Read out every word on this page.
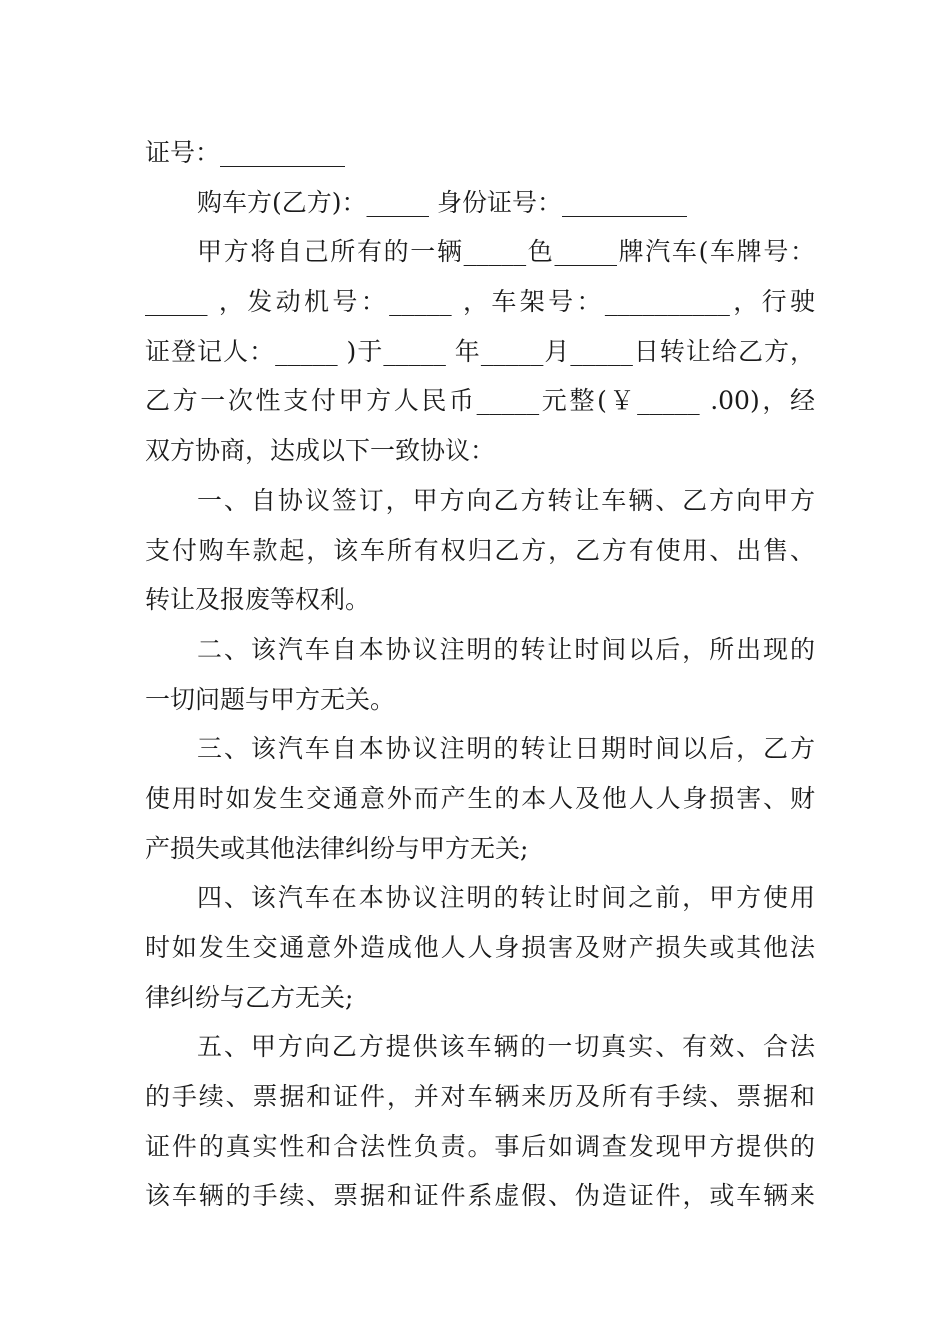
证号：__________
购车方(乙方)：_____ 身份证号：__________
甲方将自己所有的一辆_____色_____牌汽车(车牌号：
_____ ，发动机号：_____ ，车架号：__________，行驶
证登记人：_____ )于_____ 年_____月_____日转让给乙方，
乙方一次性支付甲方人民币_____元整(￥_____ .00)，经
双方协商，达成以下一致协议：
一、自协议签订，甲方向乙方转让车辆、乙方向甲方
支付购车款起，该车所有权归乙方，乙方有使用、出售、
转让及报废等权利。
二、该汽车自本协议注明的转让时间以后，所出现的
一切问题与甲方无关。
三、该汽车自本协议注明的转让日期时间以后，乙方
使用时如发生交通意外而产生的本人及他人人身损害、财
产损失或其他法律纠纷与甲方无关;
四、该汽车在本协议注明的转让时间之前，甲方使用
时如发生交通意外造成他人人身损害及财产损失或其他法
律纠纷与乙方无关;
五、甲方向乙方提供该车辆的一切真实、有效、合法
的手续、票据和证件，并对车辆来历及所有手续、票据和
证件的真实性和合法性负责。事后如调查发现甲方提供的
该车辆的手续、票据和证件系虚假、伪造证件，或车辆来
